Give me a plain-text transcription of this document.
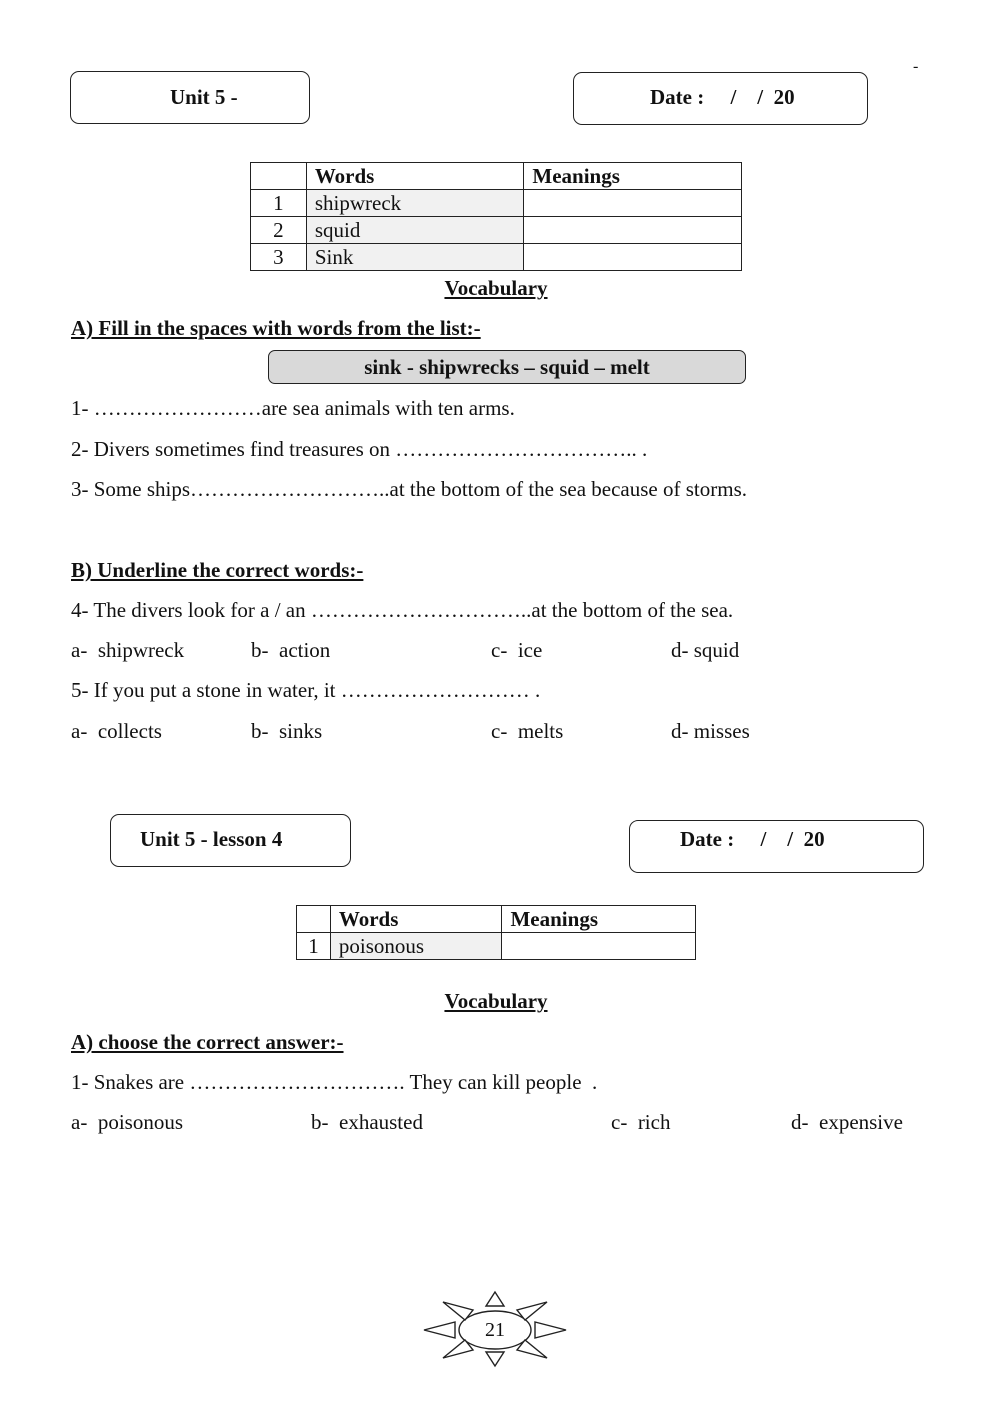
-
Unit 5 -	Date :     /    /  20
	Words	Meanings
1	shipwreck	
2	squid	
3	Sink	
Vocabulary
A) Fill in the spaces with words from the list:-
sink - shipwrecks – squid – melt
1- ……………………are sea animals with ten arms.
2- Divers sometimes find treasures on …………………………….. .
3- Some ships………………………..at the bottom of the sea because of storms.
B) Underline the correct words:-
4- The divers look for a / an …………………………..at the bottom of the sea.
a-  shipwreck	b-  action	c-  ice	d- squid
5- If you put a stone in water, it ……………………… .
a-  collects	b-  sinks	c-  melts	d- misses
Unit 5 - lesson 4	Date :     /    /  20
	Words	Meanings
1	poisonous	
Vocabulary
A) choose the correct answer:-
1- Snakes are …………………………. They can kill people  .
a-  poisonous	b-  exhausted	c-  rich	d-  expensive
21
